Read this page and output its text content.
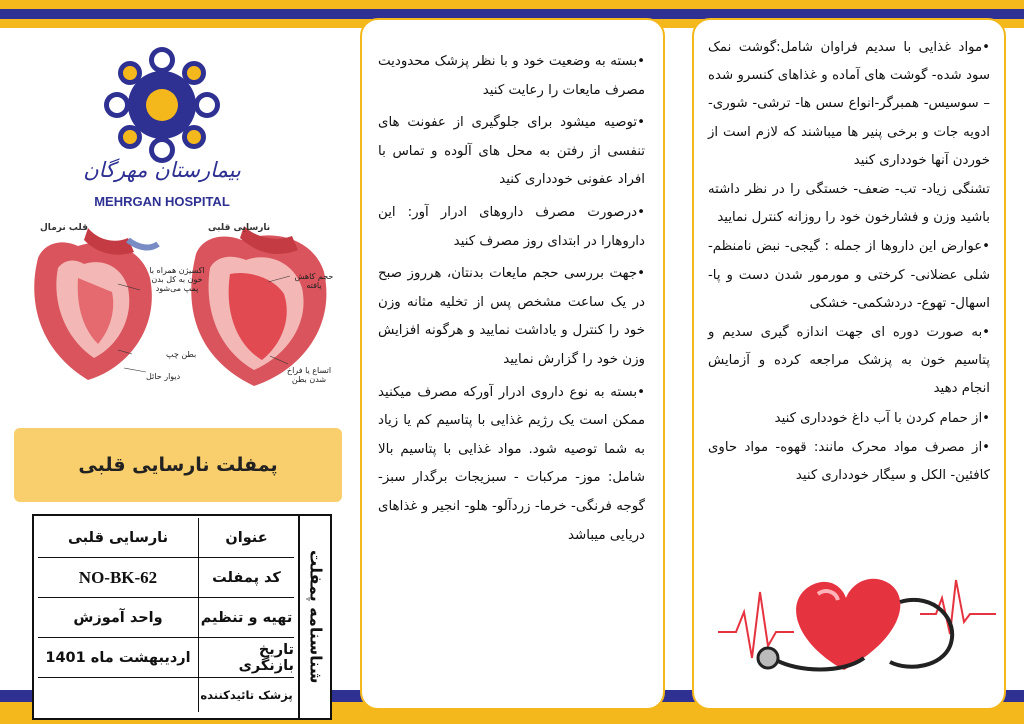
بیمارستان مهرگان
MEHRGAN HOSPITAL
قلب نرمال	نارسایی قلبی
اکسیژن همراه با خون به کل بدن پمپ می‌شود
بطن چپ
دیوار حائل
حجم کاهش یافته
اتساع یا فراخ شدن بطن
پمفلت نارسایی قلبی
شناسنامه پمفلت
عنوان
نارسایی قلبی
کد پمفلت
NO-BK-62
تهیه و تنظیم
واحد آموزش
تاریخ بازنگری
اردیبهشت ماه 1401
پزشک تائیدکننده

•بسته به وضعیت خود و با نظر پزشک محدودیت مصرف مایعات را رعایت کنید

•توصیه میشود برای جلوگیری از عفونت های تنفسی از رفتن به محل های آلوده و تماس با افراد عفونی خودداری کنید

•درصورت مصرف داروهای ادرار آور: این داروهارا در ابتدای روز مصرف کنید

•جهت بررسی حجم مایعات بدنتان، هرروز صبح در یک ساعت مشخص پس از تخلیه مثانه وزن خود را کنترل و یاداشت نمایید و هرگونه افزایش وزن خود را گزارش نمایید

•بسته به نوع داروی ادرار آورکه مصرف میکنید ممکن است یک رژیم غذایی با پتاسیم کم یا زیاد به شما توصیه شود. مواد غذایی با پتاسیم بالا شامل: موز- مرکبات - سبزیجات برگدار سبز- گوجه فرنگی- خرما- زردآلو- هلو- انجیر و غذاهای دریایی میباشد

•مواد غذایی با سدیم فراوان شامل:گوشت نمک سود شده- گوشت های آماده و غذاهای کنسرو شده – سوسیس- همبرگر-انواع سس ها- ترشی- شوری- ادویه جات و برخی پنیر ها میباشند که لازم است از خوردن آنها خودداری کنید

تشنگی زیاد- تب- ضعف- خستگی را در نظر داشته باشید وزن و فشارخون خود را روزانه کنترل نمایید

•عوارض این داروها از جمله : گیجی- نبض نامنظم- شلی عضلانی- کرختی و مورمور شدن دست و پا- اسهال- تهوع- دردشکمی- خشکی

•به صورت دوره ای جهت اندازه گیری سدیم و پتاسیم خون به پزشک مراجعه کرده و آزمایش انجام دهید

•از حمام کردن با آب داغ خودداری کنید

•از مصرف مواد محرک مانند: قهوه- مواد حاوی کافئین- الکل و سیگار خودداری کنید
